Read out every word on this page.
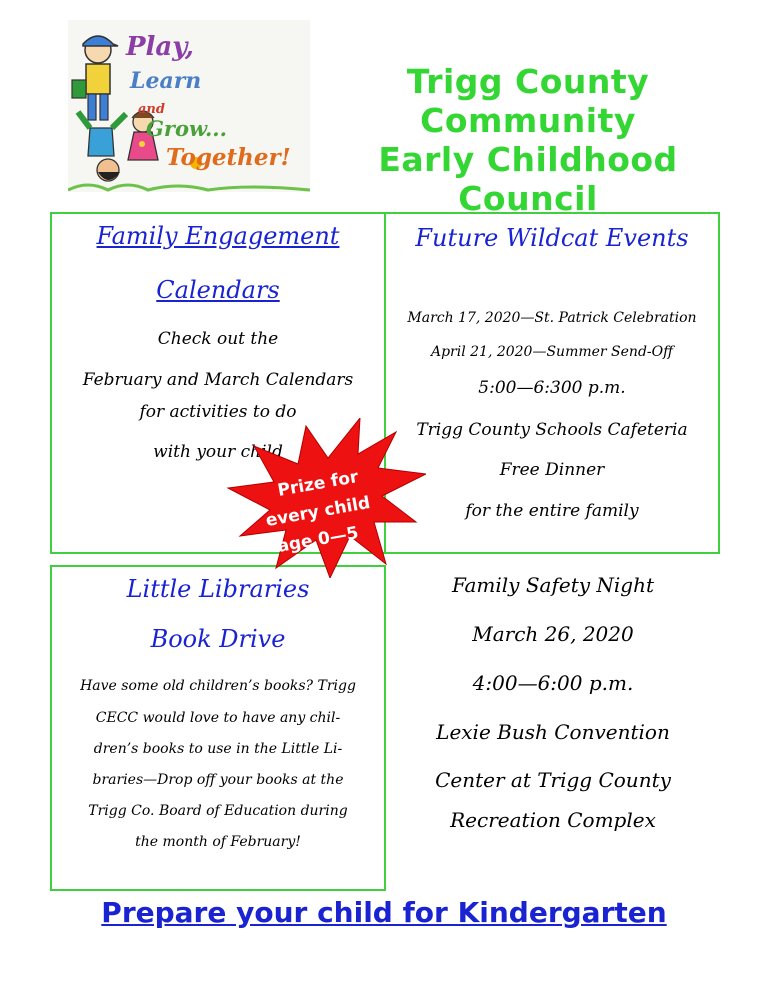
Play,
Learn
and
Grow...
Together!
Trigg County Community
Early Childhood Council
Family Engagement
Calendars
Check out the
February and March Calendars
for activities to do
with your child
Future Wildcat Events
March 17, 2020—St. Patrick Celebration
April 21, 2020—Summer Send-Off
5:00—6:300 p.m.
Trigg County Schools Cafeteria
Free Dinner
for the entire family
Little Libraries
Book Drive
Have some old children’s books? Trigg
CECC would love to have any chil-
dren’s books to use in the Little Li-
braries—Drop off your books at the
Trigg Co. Board of Education during
the month of February!
Family Safety Night
March 26, 2020
4:00—6:00 p.m.
Lexie Bush Convention
Center at Trigg County
Recreation Complex
Prize for
every child
age 0—5
Prepare your child for Kindergarten
